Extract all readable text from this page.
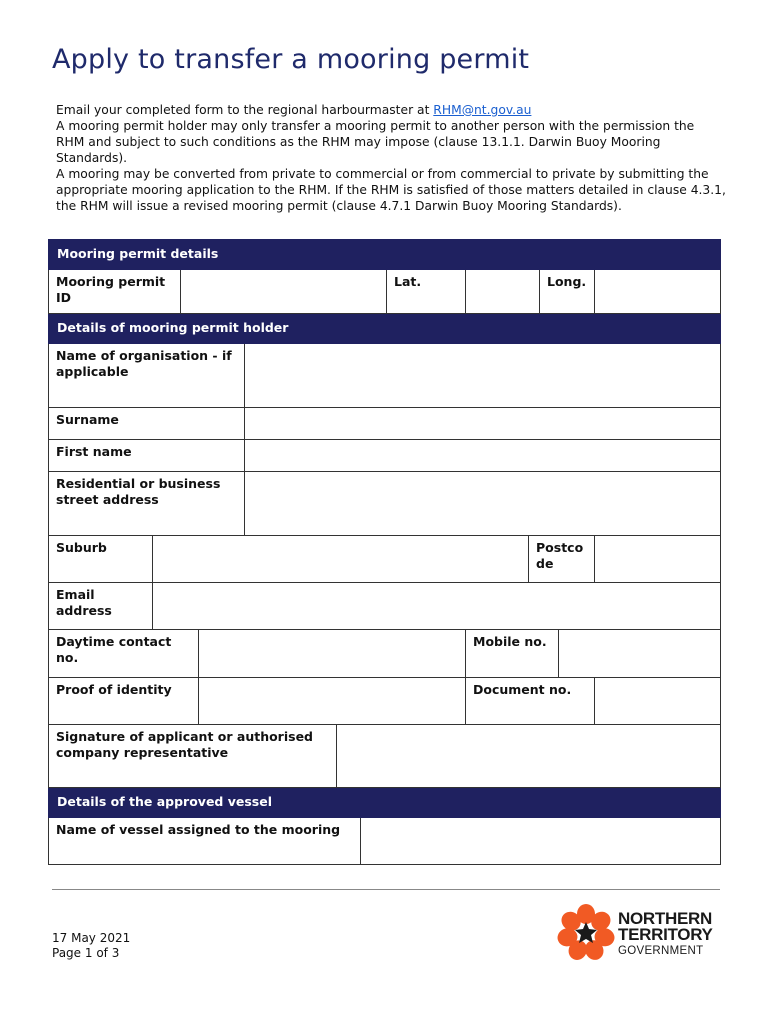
Apply to transfer a mooring permit

Email your completed form to the regional harbourmaster at RHM@nt.gov.au

A mooring permit holder may only transfer a mooring permit to another person with the permission the RHM and subject to such conditions as the RHM may impose (clause 13.1.1. Darwin Buoy Mooring Standards).

A mooring may be converted from private to commercial or from commercial to private by submitting the appropriate mooring application to the RHM. If the RHM is satisfied of those matters detailed in clause 4.3.1, the RHM will issue a revised mooring permit (clause 4.7.1 Darwin Buoy Mooring Standards).

Mooring permit details												
Mooring permit ID							Lat.			Long.		
Details of mooring permit holder												
Name of organisation - if applicable												
Surname												
First name												
Residential or business street address												
Suburb									Postco de			
Email address												
Daytime contact no.								Mobile no.				
Proof of identity								Document no.				
Signature of applicant or authorised company representative												
Details of the approved vessel												
Name of vessel assigned to the mooring												
17 May 2021
Page 1 of 3
NORTHERN
TERRITORY
GOVERNMENT
